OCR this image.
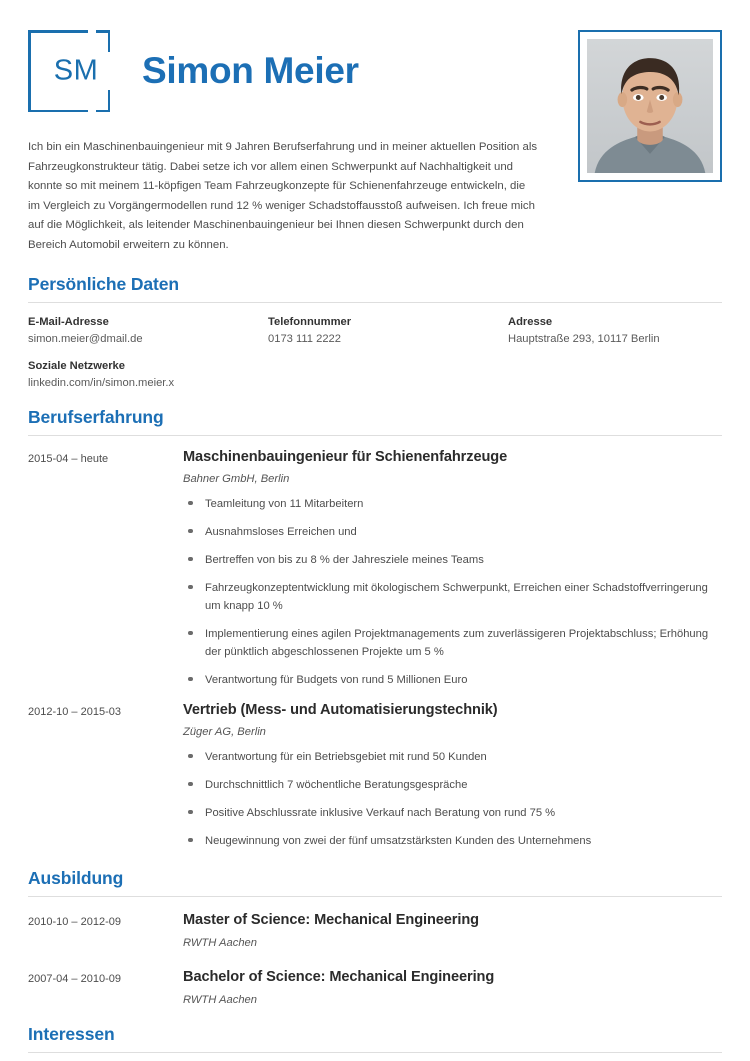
SM	Simon Meier

Ich bin ein Maschinenbauingenieur mit 9 Jahren Berufserfahrung und in meiner aktuellen Position als Fahrzeugkonstrukteur tätig. Dabei setze ich vor allem einen Schwerpunkt auf Nachhaltigkeit und konnte so mit meinem 11-köpfigen Team Fahrzeugkonzepte für Schienenfahrzeuge entwickeln, die im Vergleich zu Vorgängermodellen rund 12 % weniger Schadstoffausstoß aufweisen. Ich freue mich auf die Möglichkeit, als leitender Maschinenbauingenieur bei Ihnen diesen Schwerpunkt durch den Bereich Automobil erweitern zu können.

Persönliche Daten
E-Mail-Adresse
simon.meier@dmail.de
Telefonnummer
0173 111 2222
Adresse
Hauptstraße 293, 10117 Berlin
Soziale Netzwerke
linkedin.com/in/simon.meier.x
Berufserfahrung
2015-04 – heute	Maschinenbauingenieur für Schienenfahrzeuge
Bahner GmbH, Berlin
Teamleitung von 11 Mitarbeitern
Ausnahmsloses Erreichen und
Bertreffen von bis zu 8 % der Jahresziele meines Teams
Fahrzeugkonzeptentwicklung mit ökologischem Schwerpunkt, Erreichen einer Schadstoffverringerung um knapp 10 %
Implementierung eines agilen Projektmanagements zum zuverlässigeren Projektabschluss; Erhöhung der pünktlich abgeschlossenen Projekte um 5 %
Verantwortung für Budgets von rund 5 Millionen Euro
2012-10 – 2015-03	Vertrieb (Mess- und Automatisierungstechnik)
Züger AG, Berlin
Verantwortung für ein Betriebsgebiet mit rund 50 Kunden
Durchschnittlich 7 wöchentliche Beratungsgespräche
Positive Abschlussrate inklusive Verkauf nach Beratung von rund 75 %
Neugewinnung von zwei der fünf umsatzstärksten Kunden des Unternehmens
Ausbildung
2010-10 – 2012-09	Master of Science: Mechanical Engineering
RWTH Aachen
2007-04 – 2010-09	Bachelor of Science: Mechanical Engineering
RWTH Aachen
Interessen
